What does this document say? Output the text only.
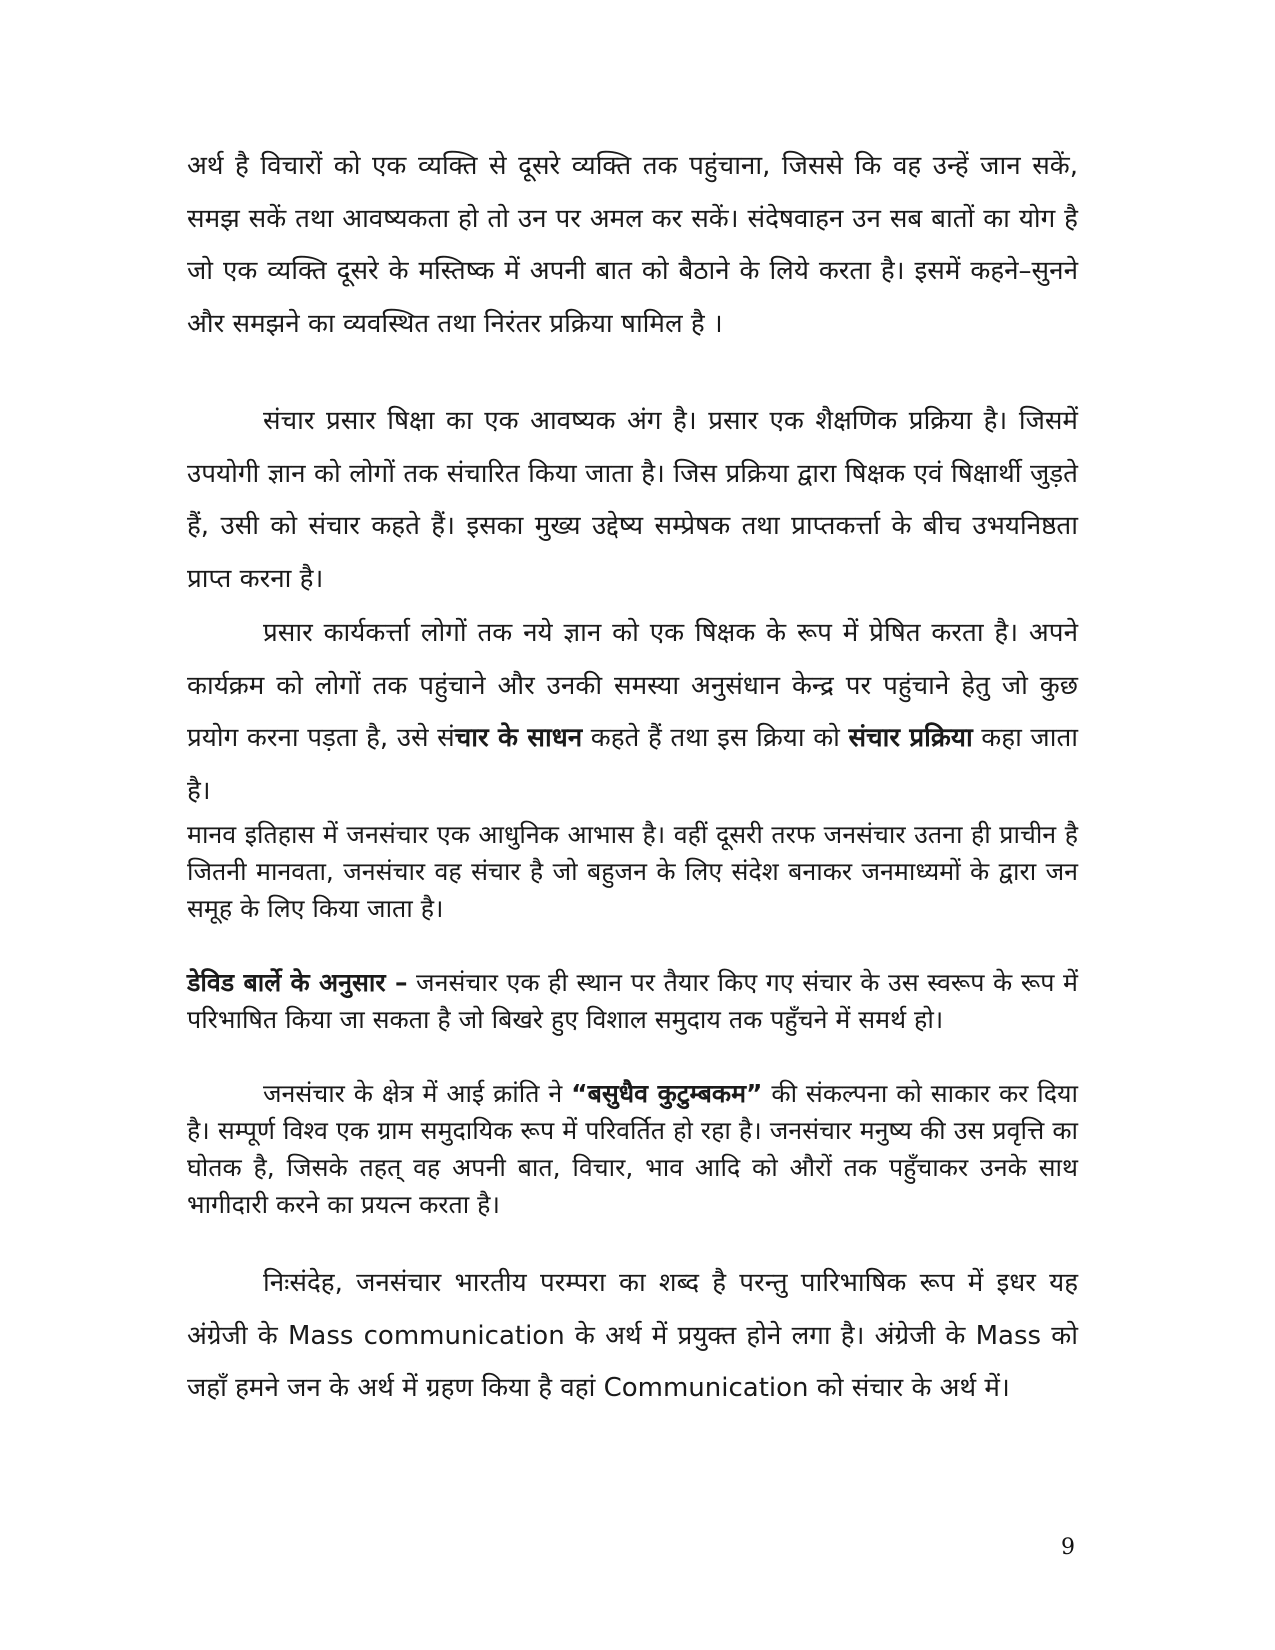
अर्थ है विचारों को एक व्यक्ति से दूसरे व्यक्ति तक पहुंचाना, जिससे कि वह उन्हें जान सकें, समझ सकें तथा आवष्यकता हो तो उन पर अमल कर सकें। संदेषवाहन उन सब बातों का योग है जो एक व्यक्ति दूसरे के मस्तिष्क में अपनी बात को बैठाने के लिये करता है। इसमें कहने–सुनने और समझने का व्यवस्थित तथा निरंतर प्रक्रिया षामिल है ।

संचार प्रसार षिक्षा का एक आवष्यक अंग है। प्रसार एक शैक्षणिक प्रक्रिया है। जिसमें उपयोगी ज्ञान को लोगों तक संचारित किया जाता है। जिस प्रक्रिया द्वारा षिक्षक एवं षिक्षार्थी जुड़ते हैं, उसी को संचार कहते हैं। इसका मुख्य उद्देष्य सम्प्रेषक तथा प्राप्तकर्त्ता के बीच उभयनिष्ठता प्राप्त करना है।

प्रसार कार्यकर्त्ता लोगों तक नये ज्ञान को एक षिक्षक के रूप में प्रेषित करता है। अपने कार्यक्रम को लोगों तक पहुंचाने और उनकी समस्या अनुसंधान केन्द्र पर पहुंचाने हेतु जो कुछ प्रयोग करना पड़ता है, उसे संचार के साधन कहते हैं तथा इस क्रिया को संचार प्रक्रिया कहा जाता है।

मानव इतिहास में जनसंचार एक आधुनिक आभास है। वहीं दूसरी तरफ जनसंचार उतना ही प्राचीन है जितनी मानवता, जनसंचार वह संचार है जो बहुजन के लिए संदेश बनाकर जनमाध्यमों के द्वारा जन समूह के लिए किया जाता है।

डेविड बार्ले के अनुसार – जनसंचार एक ही स्थान पर तैयार किए गए संचार के उस स्वरूप के रूप में परिभाषित किया जा सकता है जो बिखरे हुए विशाल समुदाय तक पहुँचने में समर्थ हो।

जनसंचार के क्षेत्र में आई क्रांति ने “बसुधैव कुटुम्बकम” की संकल्पना को साकार कर दिया है। सम्पूर्ण विश्व एक ग्राम समुदायिक रूप में परिवर्तित हो रहा है। जनसंचार मनुष्य की उस प्रवृत्ति का घोतक है, जिसके तहत् वह अपनी बात, विचार, भाव आदि को औरों तक पहुँचाकर उनके साथ भागीदारी करने का प्रयत्न करता है।

निःसंदेह, जनसंचार भारतीय परम्परा का शब्द है परन्तु पारिभाषिक रूप में इधर यह अंग्रेजी के Mass communication के अर्थ में प्रयुक्त होने लगा है। अंग्रेजी के Mass को जहाँ हमने जन के अर्थ में ग्रहण किया है वहां Communication को संचार के अर्थ में।

9
